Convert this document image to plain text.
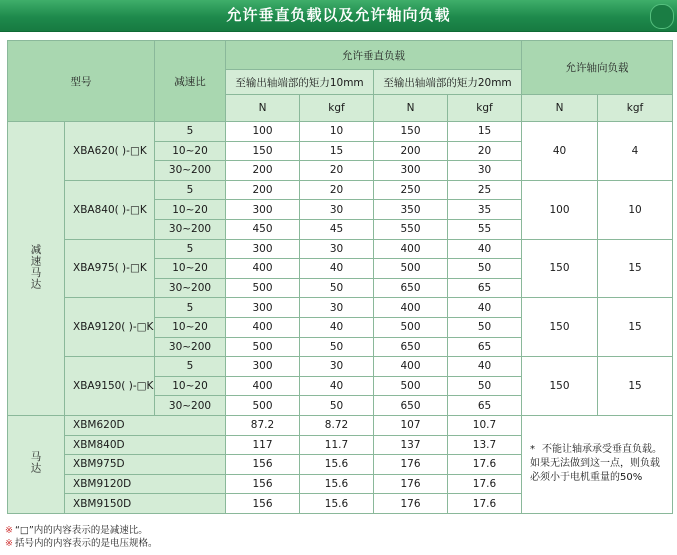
允许垂直负载以及允许轴向负载
型号		减速比	允许垂直负载				允许轴向负载	
			至输出轴端部的矩力10mm		至输出轴端部的矩力20mm			
			N	kgf	N	kgf	N	kgf
减速马达	XBA620( )-□K	5	100	10	150	15	40	4
		10~20	150	15	200	20		
		30~200	200	20	300	30		
	XBA840( )-□K	5	200	20	250	25	100	10
		10~20	300	30	350	35		
		30~200	450	45	550	55		
	XBA975( )-□K	5	300	30	400	40	150	15
		10~20	400	40	500	50		
		30~200	500	50	650	65		
	XBA9120( )-□K	5	300	30	400	40	150	15
		10~20	400	40	500	50		
		30~200	500	50	650	65		
	XBA9150( )-□K	5	300	30	400	40	150	15
		10~20	400	40	500	50		
		30~200	500	50	650	65		
马达	XBM620D		87.2	8.72	107	10.7	* 不能让轴承承受垂直负载。如果无法做到这一点，则负载必须小于电机重量的50%	

	XBM840D		117	11.7	137	13.7		
	XBM975D		156	15.6	176	17.6		
	XBM9120D		156	15.6	176	17.6		
	XBM9150D		156	15.6	176	17.6		
※ “□”内的内容表示的是减速比。
※ 括号内的内容表示的是电压规格。
